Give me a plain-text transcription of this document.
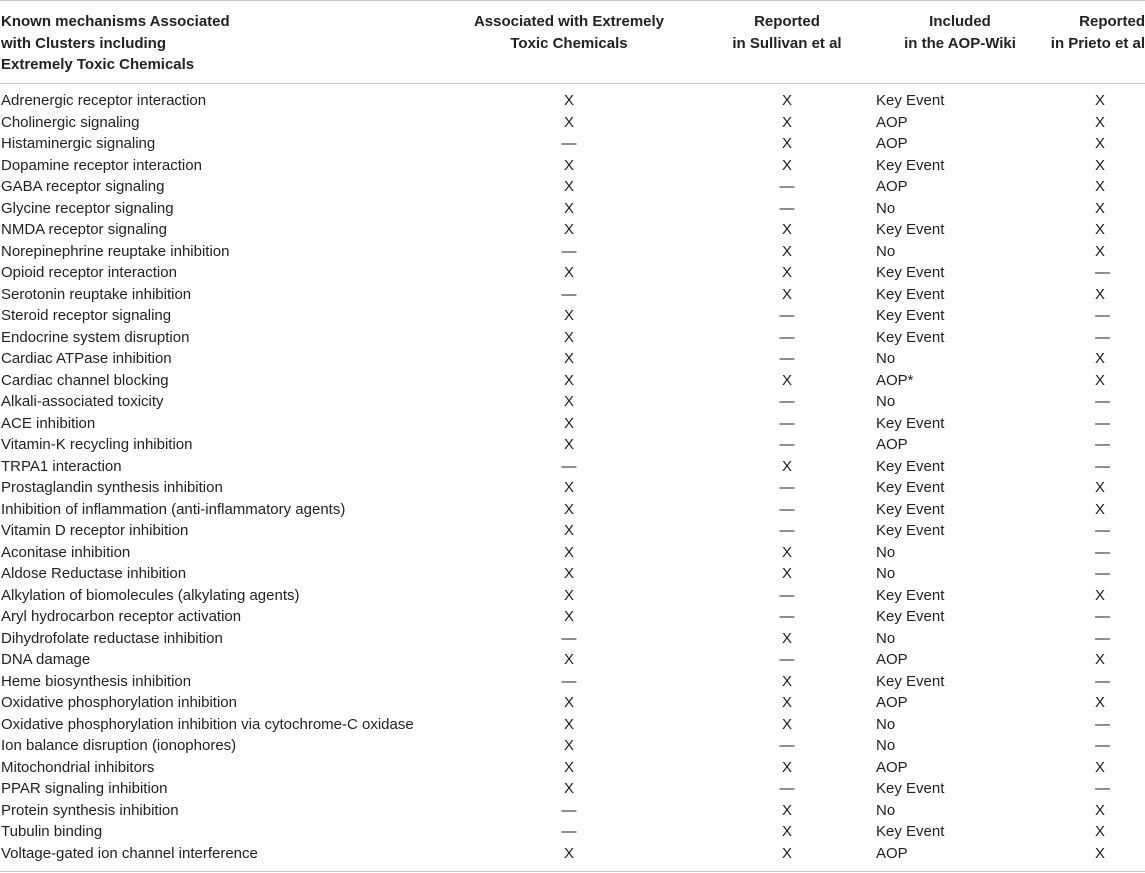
Known mechanisms Associated
with Clusters including
Extremely Toxic Chemicals	Associated with Extremely
Toxic Chemicals	Reported
in Sullivan et al	Included
in the AOP-Wiki	Reported
in Prieto et al
Adrenergic receptor interaction	X	X	Key Event	X
Cholinergic signaling	X	X	AOP	X
Histaminergic signaling	—	X	AOP	X
Dopamine receptor interaction	X	X	Key Event	X
GABA receptor signaling	X	—	AOP	X
Glycine receptor signaling	X	—	No	X
NMDA receptor signaling	X	X	Key Event	X
Norepinephrine reuptake inhibition	—	X	No	X
Opioid receptor interaction	X	X	Key Event	—
Serotonin reuptake inhibition	—	X	Key Event	X
Steroid receptor signaling	X	—	Key Event	—
Endocrine system disruption	X	—	Key Event	—
Cardiac ATPase inhibition	X	—	No	X
Cardiac channel blocking	X	X	AOP*	X
Alkali-associated toxicity	X	—	No	—
ACE inhibition	X	—	Key Event	—
Vitamin-K recycling inhibition	X	—	AOP	—
TRPA1 interaction	—	X	Key Event	—
Prostaglandin synthesis inhibition	X	—	Key Event	X
Inhibition of inflammation (anti-inflammatory agents)	X	—	Key Event	X
Vitamin D receptor inhibition	X	—	Key Event	—
Aconitase inhibition	X	X	No	—
Aldose Reductase inhibition	X	X	No	—
Alkylation of biomolecules (alkylating agents)	X	—	Key Event	X
Aryl hydrocarbon receptor activation	X	—	Key Event	—
Dihydrofolate reductase inhibition	—	X	No	—
DNA damage	X	—	AOP	X
Heme biosynthesis inhibition	—	X	Key Event	—
Oxidative phosphorylation inhibition	X	X	AOP	X
Oxidative phosphorylation inhibition via cytochrome-C oxidase	X	X	No	—
Ion balance disruption (ionophores)	X	—	No	—
Mitochondrial inhibitors	X	X	AOP	X
PPAR signaling inhibition	X	—	Key Event	—
Protein synthesis inhibition	—	X	No	X
Tubulin binding	—	X	Key Event	X
Voltage-gated ion channel interference	X	X	AOP	X
